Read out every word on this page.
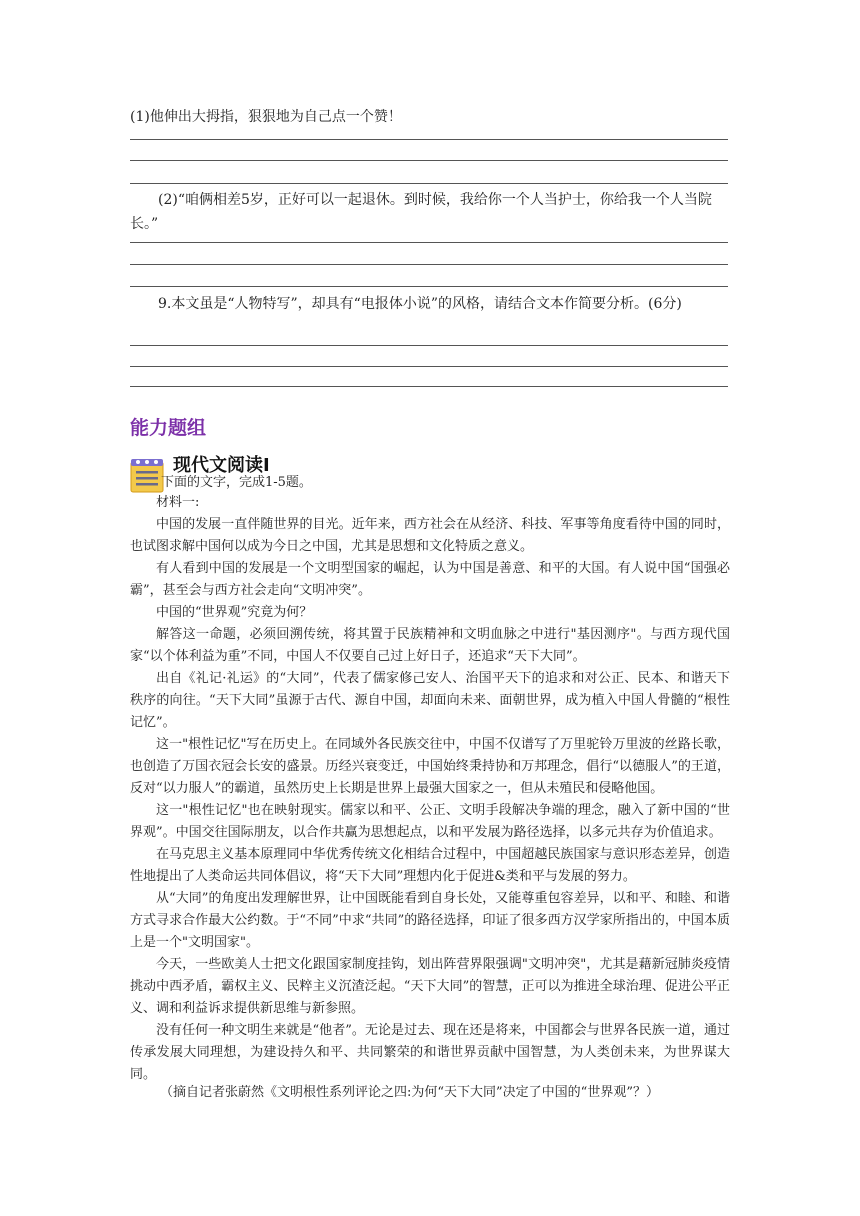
(1)他伸出大拇指，狠狠地为自己点一个赞！
(2)“咱俩相差5岁，正好可以一起退休。到时候，我给你一个人当护士，你给我一个人当院长。”
9.本文虽是“人物特写”，却具有“电报体小说”的风格，请结合文本作简要分析。(6分)
能力题组
现代文阅读Ⅰ
下面的文字，完成1-5题。

材料一:

中国的发展一直伴随世界的目光。近年来，西方社会在从经济、科技、军事等角度看待中国的同时，也试图求解中国何以成为今日之中国，尤其是思想和文化特质之意义。

有人看到中国的发展是一个文明型国家的崛起，认为中国是善意、和平的大国。有人说中国“国强必霸”，甚至会与西方社会走向“文明冲突”。

中国的“世界观”究竟为何？

解答这一命题，必须回溯传统，将其置于民族精神和文明血脉之中进行"基因测序"。与西方现代国家“以个体利益为重”不同，中国人不仅要自己过上好日子，还追求“天下大同”。

出自《礼记·礼运》的“大同”，代表了儒家修己安人、治国平天下的追求和对公正、民本、和谐天下秩序的向往。“天下大同”虽源于古代、源自中国，却面向未来、面朝世界，成为植入中国人骨髓的“根性记忆”。

这一"根性记忆"写在历史上。在同域外各民族交往中，中国不仅谱写了万里驼铃万里波的丝路长歌，也创造了万国衣冠会长安的盛景。历经兴衰变迁，中国始终秉持协和万邦理念，倡行“以德服人”的王道，反对“以力服人”的霸道，虽然历史上长期是世界上最强大国家之一，但从未殖民和侵略他国。

这一"根性记忆"也在映射现实。儒家以和平、公正、文明手段解决争端的理念，融入了新中国的“世界观”。中国交往国际朋友，以合作共赢为思想起点，以和平发展为路径选择，以多元共存为价值追求。

在马克思主义基本原理同中华优秀传统文化相结合过程中，中国超越民族国家与意识形态差异，创造性地提出了人类命运共同体倡议，将“天下大同”理想内化于促进&类和平与发展的努力。

从“大同”的角度出发理解世界，让中国既能看到自身长处，又能尊重包容差异，以和平、和睦、和谐方式寻求合作最大公约数。于“不同”中求“共同”的路径选择，印证了很多西方汉学家所指出的，中国本质上是一个"文明国家"。

今天，一些欧美人士把文化跟国家制度挂钩，划出阵营界限强调"文明冲突"，尤其是藉新冠肺炎疫情挑动中西矛盾，霸权主义、民粹主义沉渣泛起。“天下大同”的智慧，正可以为推进全球治理、促进公平正义、调和利益诉求提供新思维与新参照。

没有任何一种文明生来就是“他者”。无论是过去、现在还是将来，中国都会与世界各民族一道，通过传承发展大同理想，为建设持久和平、共同繁荣的和谐世界贡献中国智慧，为人类创未来，为世界谋大同。

（摘自记者张蔚然《文明根性系列评论之四:为何“天下大同”决定了中国的“世界观”？）
